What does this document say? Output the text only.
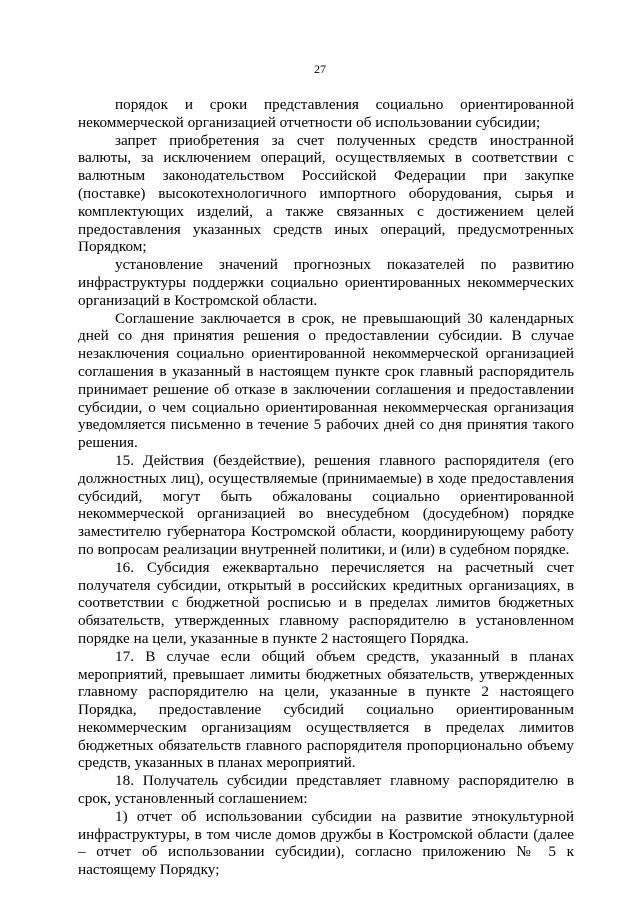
27

порядок и сроки представления социально ориентированной некоммерческой организацией отчетности об использовании субсидии;

запрет приобретения за счет полученных средств иностранной валюты, за исключением операций, осуществляемых в соответствии с валютным законодательством Российской Федерации при закупке (поставке) высокотехнологичного импортного оборудования, сырья и комплектующих изделий, а также связанных с достижением целей предоставления указанных средств иных операций, предусмотренных Порядком;

установление значений прогнозных показателей по развитию инфраструктуры поддержки социально ориентированных некоммерческих организаций в Костромской области.

Соглашение заключается в срок, не превышающий 30 календарных дней со дня принятия решения о предоставлении субсидии. В случае незаключения социально ориентированной некоммерческой организацией соглашения в указанный в настоящем пункте срок главный распорядитель принимает решение об отказе в заключении соглашения и предоставлении субсидии, о чем социально ориентированная некоммерческая организация уведомляется письменно в течение 5 рабочих дней со дня принятия такого решения.

15. Действия (бездействие), решения главного распорядителя (его должностных лиц), осуществляемые (принимаемые) в ходе предоставления субсидий, могут быть обжалованы социально ориентированной некоммерческой организацией во внесудебном (досудебном) порядке заместителю губернатора Костромской области, координирующему работу по вопросам реализации внутренней политики, и (или) в судебном порядке.

16. Субсидия ежеквартально перечисляется на расчетный счет получателя субсидии, открытый в российских кредитных организациях, в соответствии с бюджетной росписью и в пределах лимитов бюджетных обязательств, утвержденных главному распорядителю в установленном порядке на цели, указанные в пункте 2 настоящего Порядка.

17. В случае если общий объем средств, указанный в планах мероприятий, превышает лимиты бюджетных обязательств, утвержденных главному распорядителю на цели, указанные в пункте 2 настоящего Порядка, предоставление субсидий социально ориентированным некоммерческим организациям осуществляется в пределах лимитов бюджетных обязательств главного распорядителя пропорционально объему средств, указанных в планах мероприятий.

18. Получатель субсидии представляет главному распорядителю в срок, установленный соглашением:

1) отчет об использовании субсидии на развитие этнокультурной инфраструктуры, в том числе домов дружбы в Костромской области (далее – отчет об использовании субсидии), согласно приложению № 5 к настоящему Порядку;
